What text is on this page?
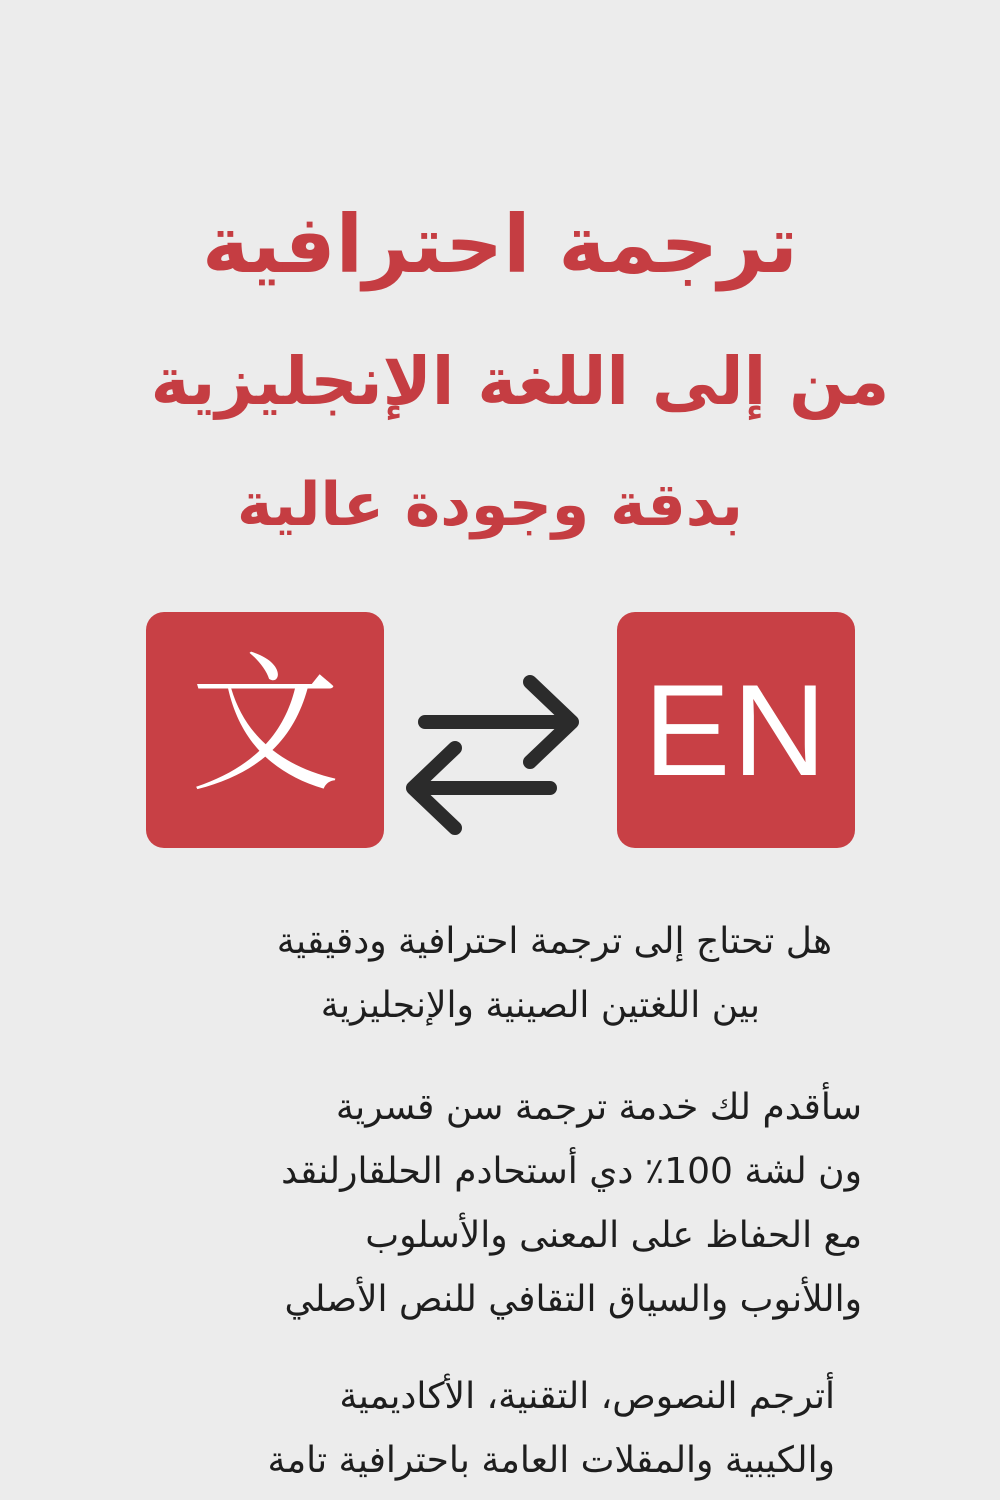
ترجمة احترافية
من إلى اللغة الإنجليزية
بدقة وجودة عالية
文 EN

هل تحتاج إلى ترجمة احترافية ودقيقية
بين اللغتين الصينية والإنجليزية

سأقدم لك خدمة ترجمة سن قسرية
ون لشة 100٪ دي أستحادم الحلقارلنقد
مع الحفاظ على المعنى والأسلوب
واللأنوب والسياق التقافي للنص الأصلي

أترجم النصوص، التقنية، الأكاديمية
والكيبية والمقلات العامة باحترافية تامة
